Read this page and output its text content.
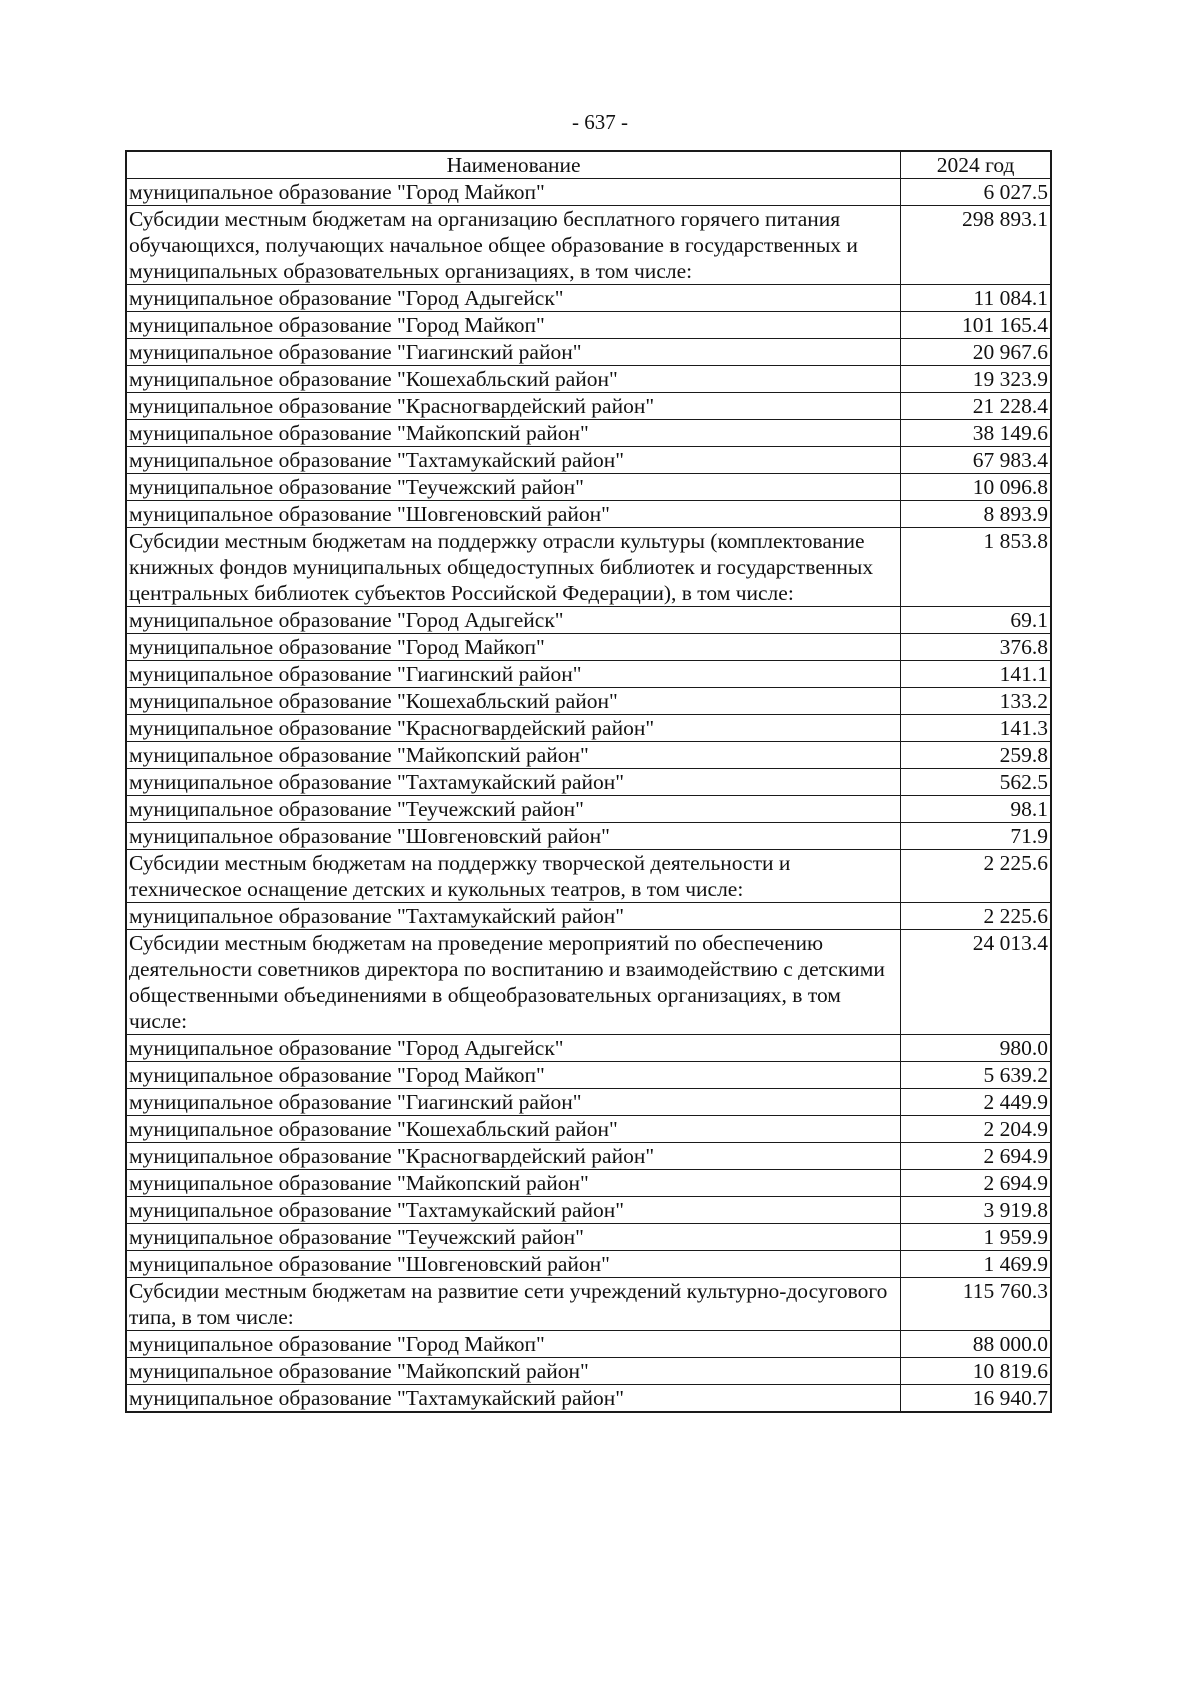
- 637 -
Наименование	2024 год
муниципальное образование "Город Майкоп"	6 027.5
Субсидии местным бюджетам на организацию бесплатного горячего питания обучающихся, получающих начальное общее образование в государственных и муниципальных образовательных организациях, в том числе:	298 893.1
муниципальное образование "Город Адыгейск"	11 084.1
муниципальное образование "Город Майкоп"	101 165.4
муниципальное образование "Гиагинский район"	20 967.6
муниципальное образование "Кошехабльский район"	19 323.9
муниципальное образование "Красногвардейский район"	21 228.4
муниципальное образование "Майкопский район"	38 149.6
муниципальное образование "Тахтамукайский район"	67 983.4
муниципальное образование "Теучежский район"	10 096.8
муниципальное образование "Шовгеновский район"	8 893.9
Субсидии местным бюджетам на поддержку отрасли культуры (комплектование книжных фондов муниципальных общедоступных библиотек и государственных центральных библиотек субъектов Российской Федерации), в том числе:	1 853.8
муниципальное образование "Город Адыгейск"	69.1
муниципальное образование "Город Майкоп"	376.8
муниципальное образование "Гиагинский район"	141.1
муниципальное образование "Кошехабльский район"	133.2
муниципальное образование "Красногвардейский район"	141.3
муниципальное образование "Майкопский район"	259.8
муниципальное образование "Тахтамукайский район"	562.5
муниципальное образование "Теучежский район"	98.1
муниципальное образование "Шовгеновский район"	71.9
Субсидии местным бюджетам на поддержку творческой деятельности и техническое оснащение детских и кукольных театров, в том числе:	2 225.6
муниципальное образование "Тахтамукайский район"	2 225.6
Субсидии местным бюджетам на проведение мероприятий по обеспечению деятельности советников директора по воспитанию и взаимодействию с детскими общественными объединениями в общеобразовательных организациях, в том числе:	24 013.4
муниципальное образование "Город Адыгейск"	980.0
муниципальное образование "Город Майкоп"	5 639.2
муниципальное образование "Гиагинский район"	2 449.9
муниципальное образование "Кошехабльский район"	2 204.9
муниципальное образование "Красногвардейский район"	2 694.9
муниципальное образование "Майкопский район"	2 694.9
муниципальное образование "Тахтамукайский район"	3 919.8
муниципальное образование "Теучежский район"	1 959.9
муниципальное образование "Шовгеновский район"	1 469.9
Субсидии местным бюджетам на развитие сети учреждений культурно-досугового типа, в том числе:	115 760.3
муниципальное образование "Город Майкоп"	88 000.0
муниципальное образование "Майкопский район"	10 819.6
муниципальное образование "Тахтамукайский район"	16 940.7
